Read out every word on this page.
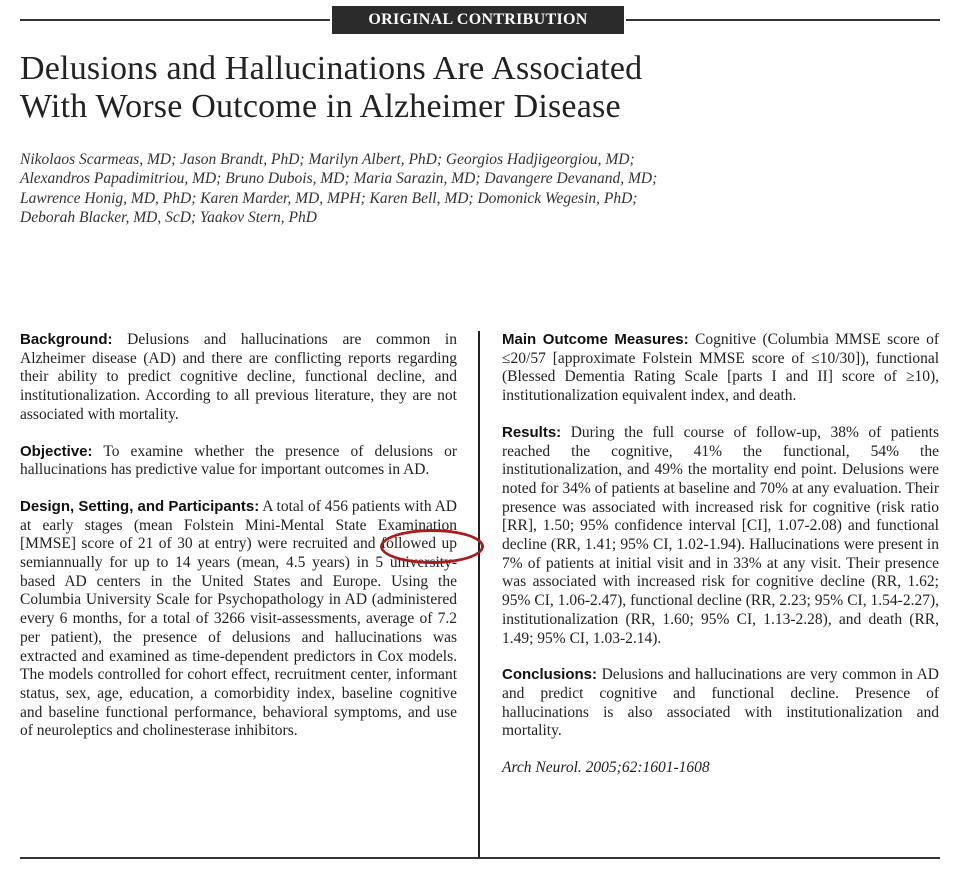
ORIGINAL CONTRIBUTION
Delusions and Hallucinations Are Associated
With Worse Outcome in Alzheimer Disease
Nikolaos Scarmeas, MD; Jason Brandt, PhD; Marilyn Albert, PhD; Georgios Hadjigeorgiou, MD;
Alexandros Papadimitriou, MD; Bruno Dubois, MD; Maria Sarazin, MD; Davangere Devanand, MD;
Lawrence Honig, MD, PhD; Karen Marder, MD, MPH; Karen Bell, MD; Domonick Wegesin, PhD;
Deborah Blacker, MD, ScD; Yaakov Stern, PhD

Background: Delusions and hallucinations are common in Alzheimer disease (AD) and there are conflicting reports regarding their ability to predict cognitive decline, functional decline, and institutionalization. According to all previous literature, they are not associated with mortality.

Objective: To examine whether the presence of delusions or hallucinations has predictive value for important outcomes in AD.

Design, Setting, and Participants: A total of 456 patients with AD at early stages (mean Folstein Mini-Mental State Examination [MMSE] score of 21 of 30 at entry) were recruited and followed up semiannually for up to 14 years (mean, 4.5 years) in 5 university-based AD centers in the United States and Europe. Using the Columbia University Scale for Psychopathology in AD (administered every 6 months, for a total of 3266 visit-assessments, average of 7.2 per patient), the presence of delusions and hallucinations was extracted and examined as time-dependent predictors in Cox models. The models controlled for cohort effect, recruitment center, informant status, sex, age, education, a comorbidity index, baseline cognitive and baseline functional performance, behavioral symptoms, and use of neuroleptics and cholinesterase inhibitors.

Main Outcome Measures: Cognitive (Columbia MMSE score of ≤20/57 [approximate Folstein MMSE score of ≤10/30]), functional (Blessed Dementia Rating Scale [parts I and II] score of ≥10), institutionalization equivalent index, and death.

Results: During the full course of follow-up, 38% of patients reached the cognitive, 41% the functional, 54% the institutionalization, and 49% the mortality end point. Delusions were noted for 34% of patients at baseline and 70% at any evaluation. Their presence was associated with increased risk for cognitive (risk ratio [RR], 1.50; 95% confidence interval [CI], 1.07-2.08) and functional decline (RR, 1.41; 95% CI, 1.02-1.94). Hallucinations were present in 7% of patients at initial visit and in 33% at any visit. Their presence was associated with increased risk for cognitive decline (RR, 1.62; 95% CI, 1.06-2.47), functional decline (RR, 2.23; 95% CI, 1.54-2.27), institutionalization (RR, 1.60; 95% CI, 1.13-2.28), and death (RR, 1.49; 95% CI, 1.03-2.14).

Conclusions: Delusions and hallucinations are very common in AD and predict cognitive and functional decline. Presence of hallucinations is also associated with institutionalization and mortality.

Arch Neurol. 2005;62:1601-1608
